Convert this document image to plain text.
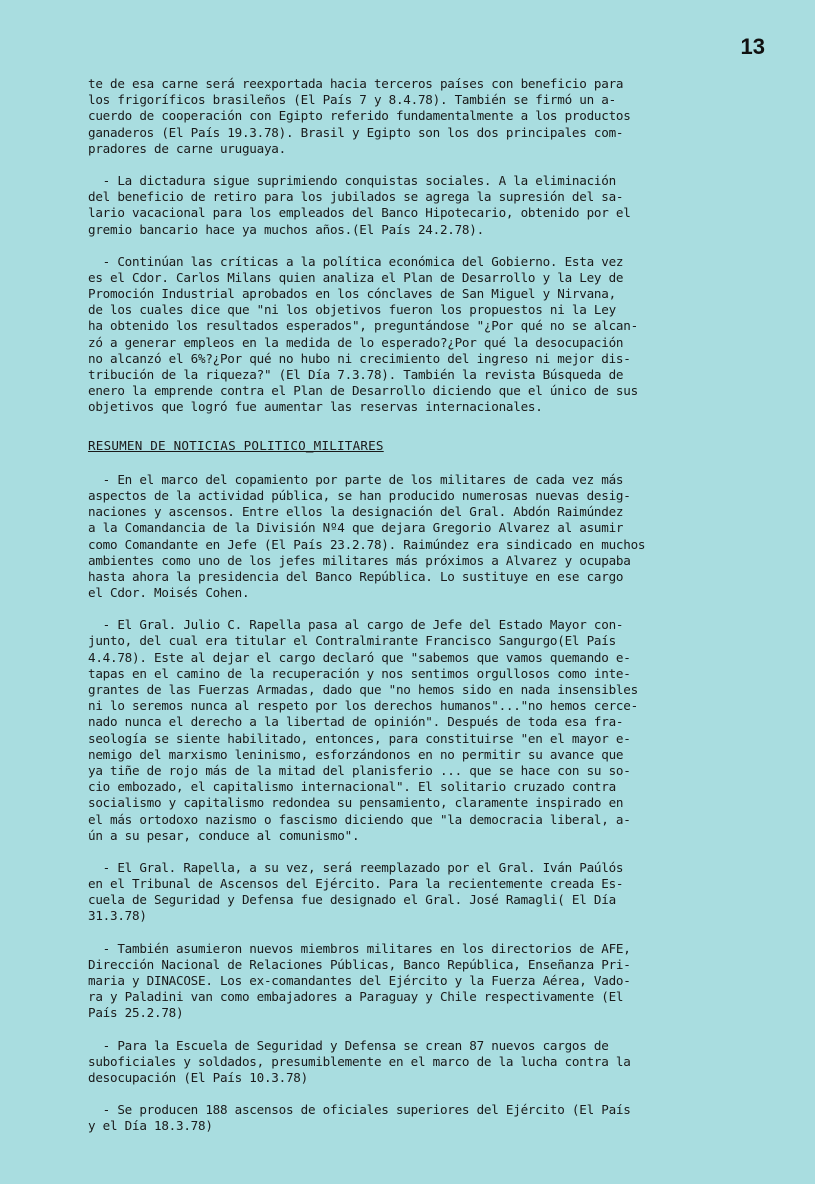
13
te de esa carne será reexportada hacia terceros países con beneficio para
los frigoríficos brasileños (El País 7 y 8.4.78). También se firmó un a-
cuerdo de cooperación con Egipto referido fundamentalmente a los productos
ganaderos (El País 19.3.78). Brasil y Egipto son los dos principales com-
pradores de carne uruguaya.
- La dictadura sigue suprimiendo conquistas sociales. A la eliminación
del beneficio de retiro para los jubilados se agrega la supresión del sa-
lario vacacional para los empleados del Banco Hipotecario, obtenido por el
gremio bancario hace ya muchos años.(El País 24.2.78).
- Continúan las críticas a la política económica del Gobierno. Esta vez
es el Cdor. Carlos Milans quien analiza el Plan de Desarrollo y la Ley de
Promoción Industrial aprobados en los cónclaves de San Miguel y Nirvana,
de los cuales dice que "ni los objetivos fueron los propuestos ni la Ley
ha obtenido los resultados esperados", preguntándose "¿Por qué no se alcan-
zó a generar empleos en la medida de lo esperado?¿Por qué la desocupación
no alcanzó el 6%?¿Por qué no hubo ni crecimiento del ingreso ni mejor dis-
tribución de la riqueza?" (El Día 7.3.78). También la revista Búsqueda de
enero la emprende contra el Plan de Desarrollo diciendo que el único de sus
objetivos que logró fue aumentar las reservas internacionales.
RESUMEN DE NOTICIAS POLITICO_MILITARES
- En el marco del copamiento por parte de los militares de cada vez más
aspectos de la actividad pública, se han producido numerosas nuevas desig-
naciones y ascensos. Entre ellos la designación del Gral. Abdón Raimúndez
a la Comandancia de la División Nº4 que dejara Gregorio Alvarez al asumir
como Comandante en Jefe (El País 23.2.78). Raimúndez era sindicado en muchos
ambientes como uno de los jefes militares más próximos a Alvarez y ocupaba
hasta ahora la presidencia del Banco República. Lo sustituye en ese cargo
el Cdor. Moisés Cohen.
- El Gral. Julio C. Rapella pasa al cargo de Jefe del Estado Mayor con-
junto, del cual era titular el Contralmirante Francisco Sangurgo(El País
4.4.78). Este al dejar el cargo declaró que "sabemos que vamos quemando e-
tapas en el camino de la recuperación y nos sentimos orgullosos como inte-
grantes de las Fuerzas Armadas, dado que "no hemos sido en nada insensibles
ni lo seremos nunca al respeto por los derechos humanos"..."no hemos cerce-
nado nunca el derecho a la libertad de opinión". Después de toda esa fra-
seología se siente habilitado, entonces, para constituirse "en el mayor e-
nemigo del marxismo leninismo, esforzándonos en no permitir su avance que
ya tiñe de rojo más de la mitad del planisferio ... que se hace con su so-
cio embozado, el capitalismo internacional". El solitario cruzado contra
socialismo y capitalismo redondea su pensamiento, claramente inspirado en
el más ortodoxo nazismo o fascismo diciendo que "la democracia liberal, a-
ún a su pesar, conduce al comunismo".
- El Gral. Rapella, a su vez, será reemplazado por el Gral. Iván Paúlós
en el Tribunal de Ascensos del Ejército. Para la recientemente creada Es-
cuela de Seguridad y Defensa fue designado el Gral. José Ramagli( El Día
31.3.78)
- También asumieron nuevos miembros militares en los directorios de AFE,
Dirección Nacional de Relaciones Públicas, Banco República, Enseñanza Pri-
maria y DINACOSE. Los ex-comandantes del Ejército y la Fuerza Aérea, Vado-
ra y Paladini van como embajadores a Paraguay y Chile respectivamente (El
País 25.2.78)
- Para la Escuela de Seguridad y Defensa se crean 87 nuevos cargos de
suboficiales y soldados, presumiblemente en el marco de la lucha contra la
desocupación (El País 10.3.78)
- Se producen 188 ascensos de oficiales superiores del Ejército (El País
y el Día 18.3.78)
